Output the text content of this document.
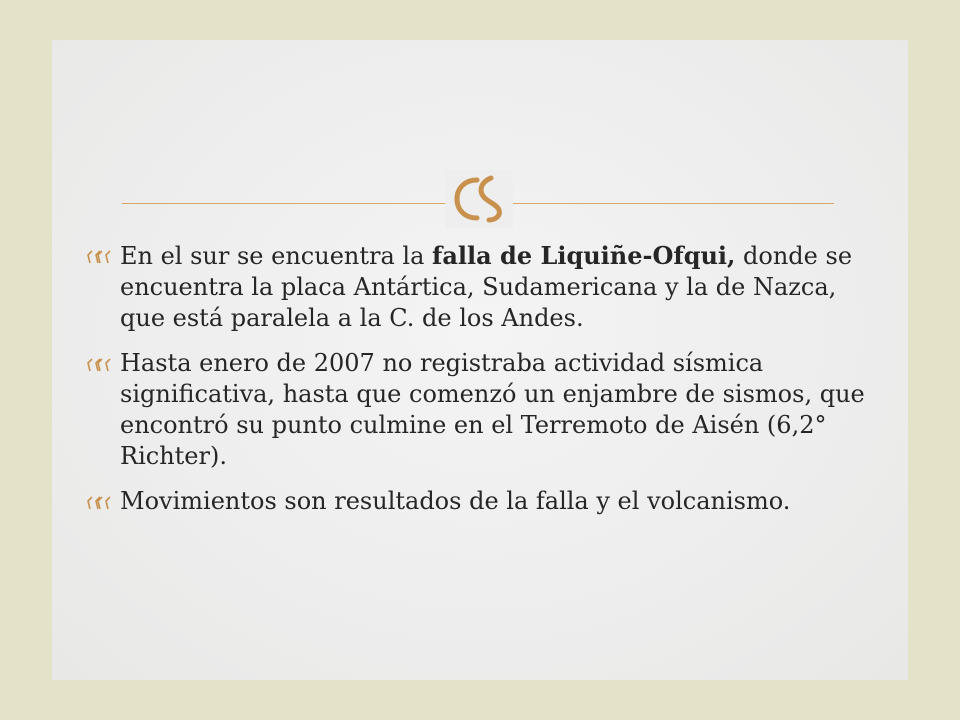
En el sur se encuentra la falla de Liquiñe-Ofqui, donde se encuentra la placa Antártica, Sudamericana y la de Nazca, que está paralela a la C. de los Andes.
Hasta enero de 2007 no registraba actividad sísmica significativa, hasta que comenzó un enjambre de sismos, que encontró su punto culmine en el Terremoto de Aisén (6,2° Richter).
Movimientos son resultados de la falla y el volcanismo.
